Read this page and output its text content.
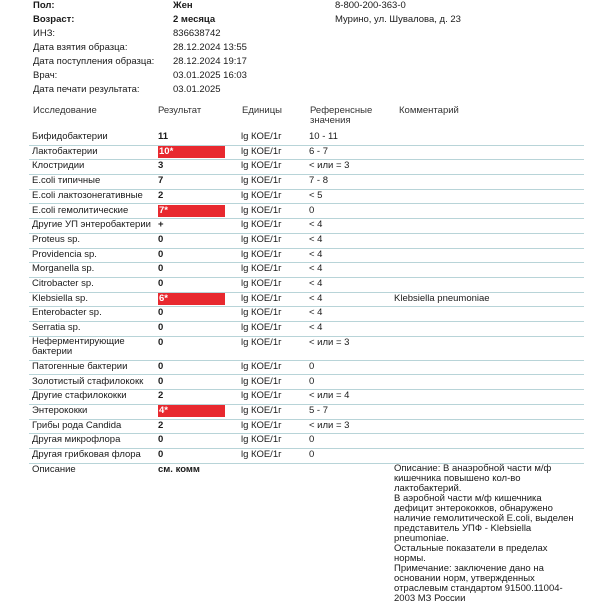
Пол:	Жен	8-800-200-363-0
Возраст:	2 месяца	Мурино, ул. Шувалова, д. 23
ИНЗ:	836638742
Дата взятия образца:	28.12.2024 13:55
Дата поступления образца: 28.12.2024 19:17
Врач:	03.01.2025 16:03
Дата печати результата:	03.01.2025
Исследование	Результат	Единицы	Референсные
значения
Комментарий
Бифидобактерии	11	lg КОЕ/1г	10 - 11
Лактобактерии	10*	lg КОЕ/1г	6 - 7
Клостридии	3	lg КОЕ/1г	< или = 3
E.coli типичные	7	lg КОЕ/1г	7 - 8
E.coli лактозонегативные 2	lg КОЕ/1г	< 5
E.coli гемолитические	7*	lg КОЕ/1г	0
Другие УП энтеробактерии +	lg КОЕ/1г	< 4
Proteus sp.	0	lg КОЕ/1г	< 4
Providencia sp.	0	lg КОЕ/1г	< 4
Morganella sp.	0	lg КОЕ/1г	< 4
Citrobacter sp.	0	lg КОЕ/1г	< 4
Klebsiella sp.	6*	lg КОЕ/1г	< 4	Klebsiella pneumoniae
Enterobacter sp.	0	lg КОЕ/1г	< 4
Serratia sp.	0	lg КОЕ/1г	< 4
Неферментирующие
бактерии
0	lg КОЕ/1г	< или = 3
Патогенные бактерии	0	lg КОЕ/1г	0
Золотистый стафилококк 0	lg КОЕ/1г	0
Другие стафилококки	2	lg КОЕ/1г	< или = 4
Энтерококки	4*	lg КОЕ/1г	5 - 7
Грибы рода Candida	2	lg КОЕ/1г	< или = 3
Другая микрофлора	0	lg КОЕ/1г	0
Другая грибковая флора 0	lg КОЕ/1г	0
Описание	см. комм	Описание: В анаэробной части м/ф
кишечника повышено кол-во
лактобактерий.
В аэробной части м/ф кишечника
дефицит энтерококков, обнаружено
наличие гемолитической E.coli, выделен
представитель УПФ - Klebsiella
pneumoniae.
Остальные показатели в пределах
нормы.
Примечание: заключение дано на
основании норм, утвержденных
отраслевым стандартом 91500.11004-
2003 МЗ России
